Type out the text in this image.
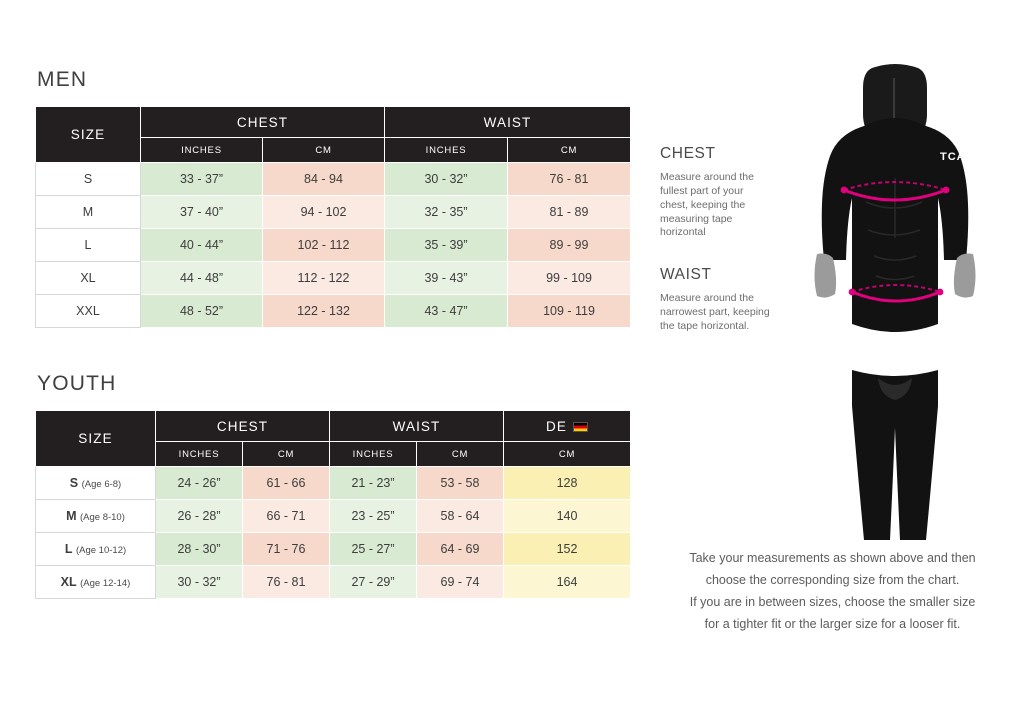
MEN
SIZE	CHEST		WAIST	
	INCHES	CM	INCHES	CM
S	33 - 37”	84 - 94	30 - 32”	76 - 81
M	37 - 40”	94 - 102	32 - 35”	81 - 89
L	40 - 44”	102 - 112	35 - 39”	89 - 99
XL	44 - 48”	112 - 122	39 - 43”	99 - 109
XXL	48 - 52”	122 - 132	43 - 47”	109 - 119
YOUTH
SIZE	CHEST		WAIST		DE
	INCHES	CM	INCHES	CM	CM
S (Age 6-8)	24 - 26”	61 - 66	21 - 23”	53 - 58	128
M (Age 8-10)	26 - 28”	66 - 71	23 - 25”	58 - 64	140
L (Age 10-12)	28 - 30”	71 - 76	25 - 27”	64 - 69	152
XL (Age 12-14)	30 - 32”	76 - 81	27 - 29”	69 - 74	164
CHEST

Measure around the fullest part of your chest, keeping the measuring tape horizontal

WAIST

Measure around the narrowest part, keeping the tape horizontal.

TCA
Take your measurements as shown above and then
choose the corresponding size from the chart.
If you are in between sizes, choose the smaller size
for a tighter fit or the larger size for a looser fit.
